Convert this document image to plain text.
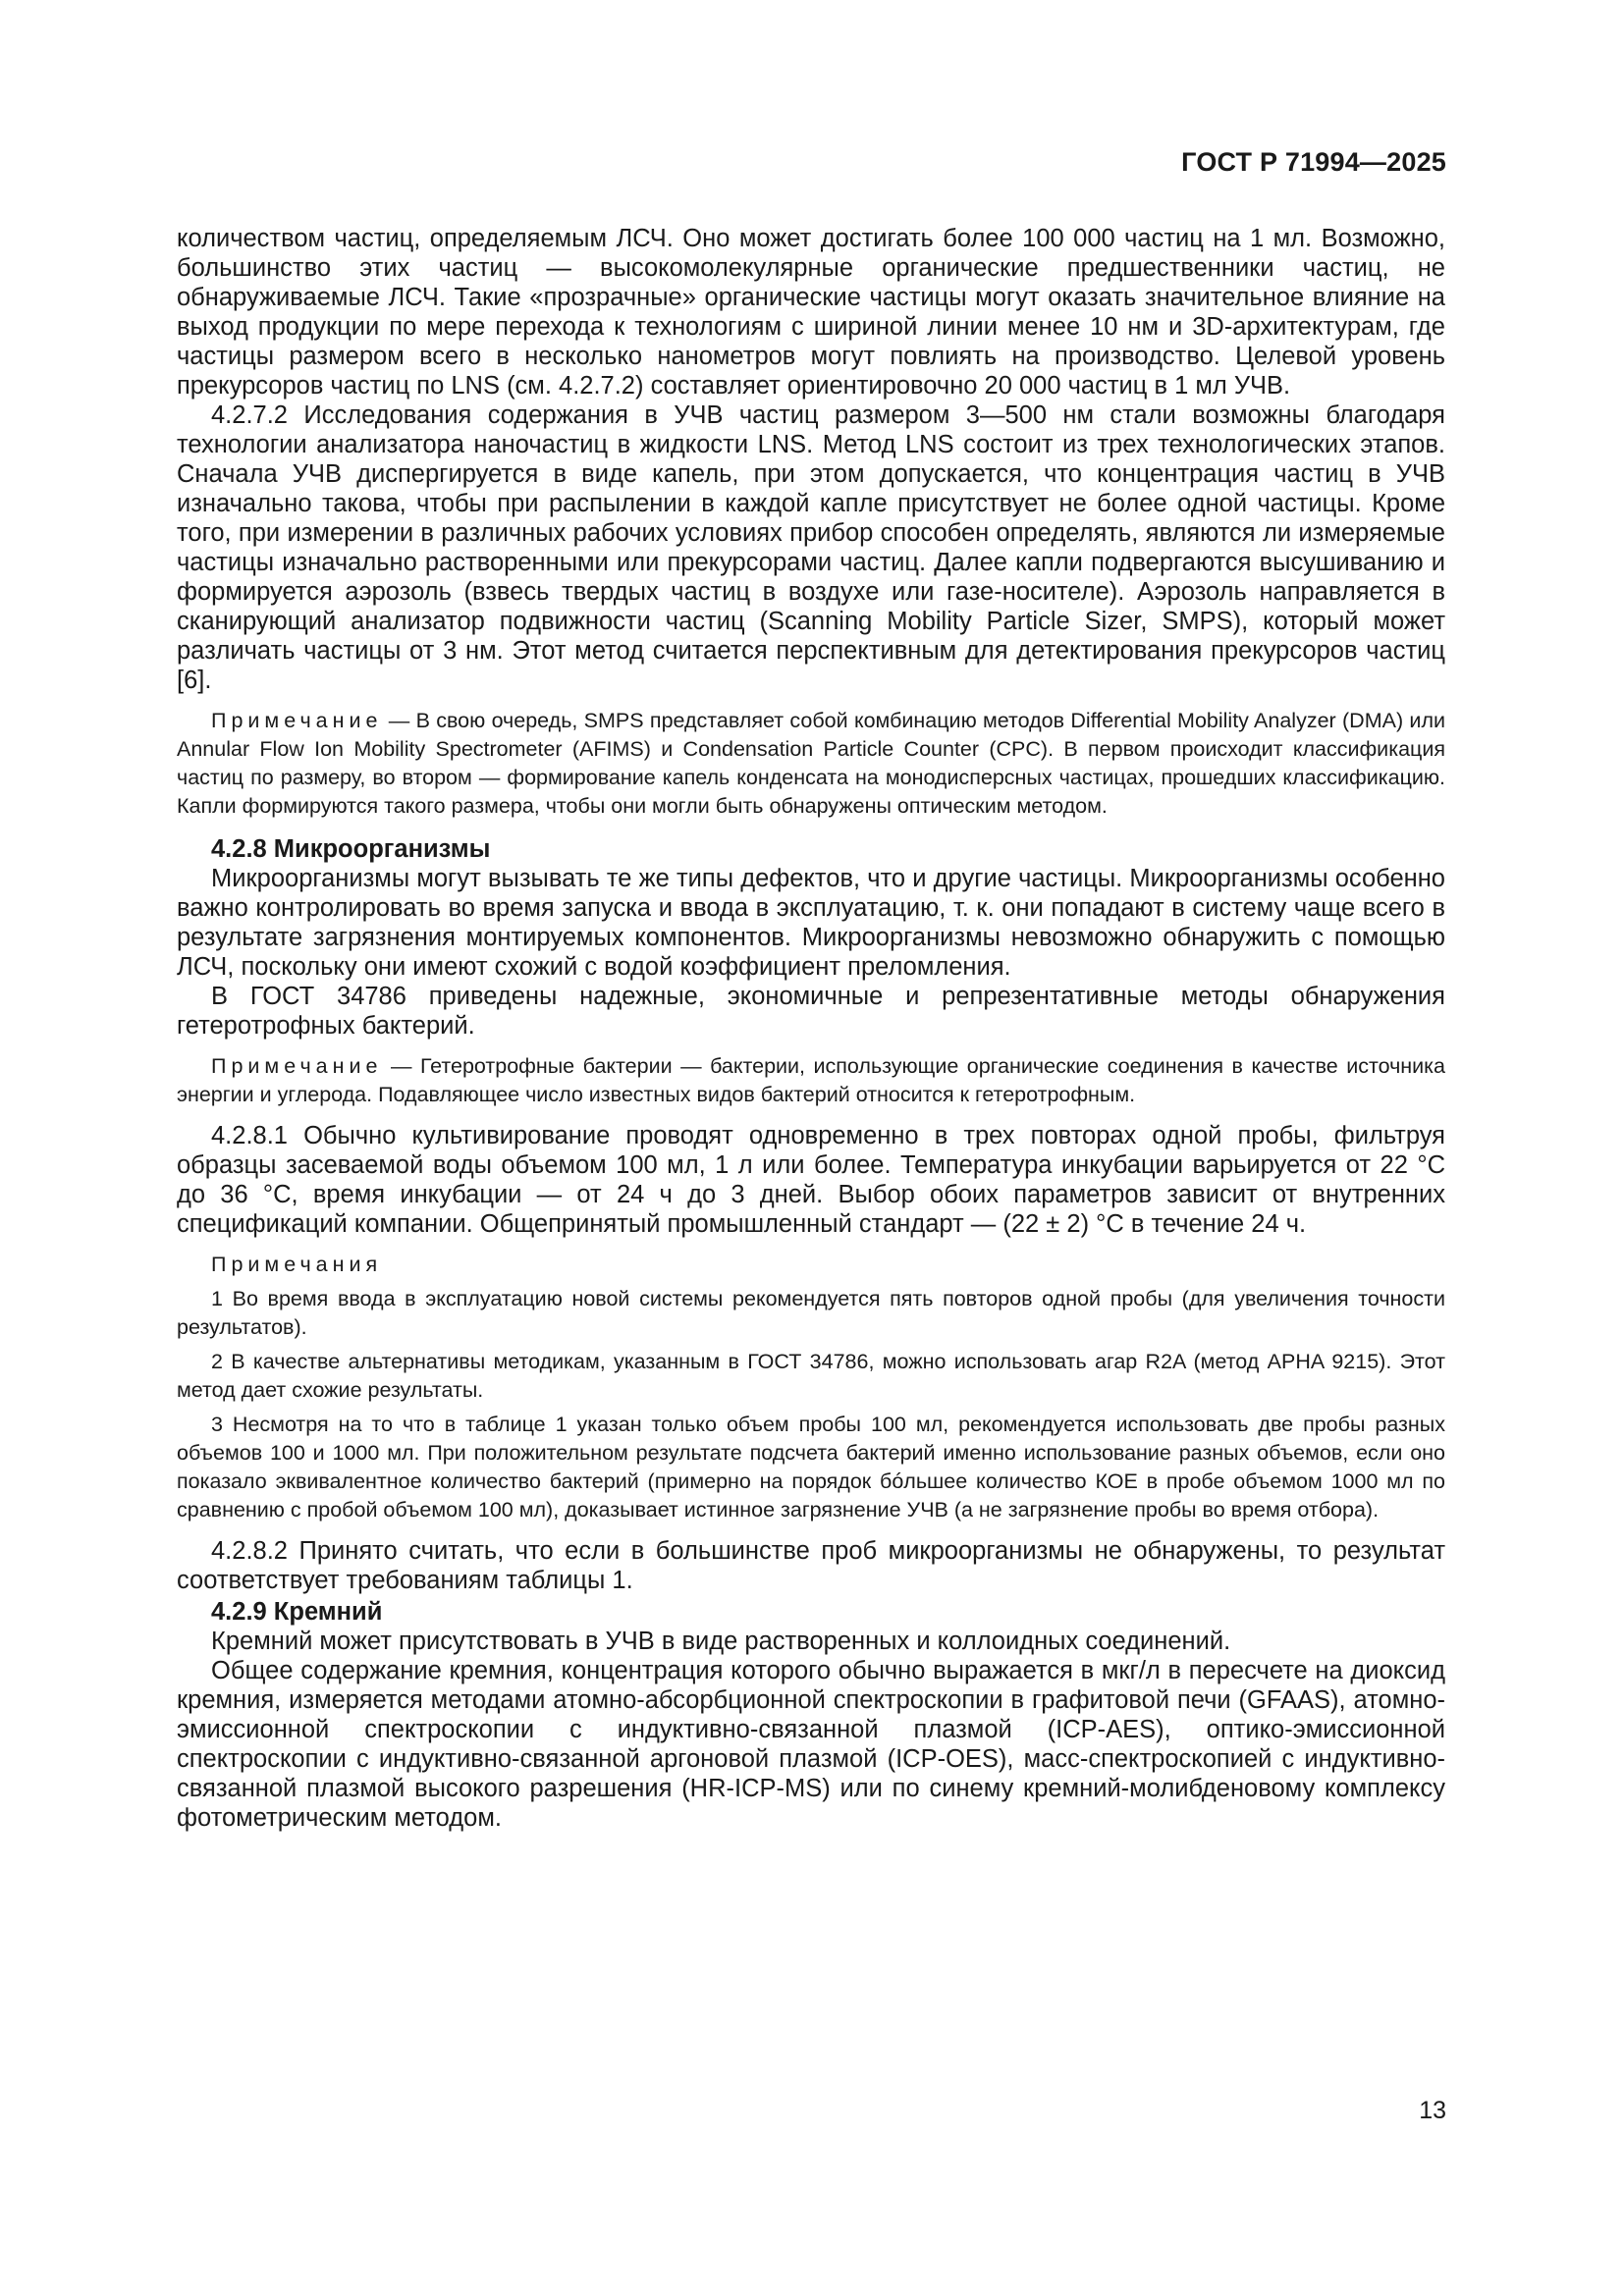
ГОСТ Р 71994—2025

количеством частиц, определяемым ЛСЧ. Оно может достигать более 100 000 частиц на 1 мл. Возможно, большинство этих частиц — высокомолекулярные органические предшественники частиц, не обнаруживаемые ЛСЧ. Такие «прозрачные» органические частицы могут оказать значительное влияние на выход продукции по мере перехода к технологиям с шириной линии менее 10 нм и 3D-архитектурам, где частицы размером всего в несколько нанометров могут повлиять на производство. Целевой уровень прекурсоров частиц по LNS (см. 4.2.7.2) составляет ориентировочно 20 000 частиц в 1 мл УЧВ.

4.2.7.2 Исследования содержания в УЧВ частиц размером 3—500 нм стали возможны благодаря технологии анализатора наночастиц в жидкости LNS. Метод LNS состоит из трех технологических этапов. Сначала УЧВ диспергируется в виде капель, при этом допускается, что концентрация частиц в УЧВ изначально такова, чтобы при распылении в каждой капле присутствует не более одной частицы. Кроме того, при измерении в различных рабочих условиях прибор способен определять, являются ли измеряемые частицы изначально растворенными или прекурсорами частиц. Далее капли подвергаются высушиванию и формируется аэрозоль (взвесь твердых частиц в воздухе или газе-носителе). Аэрозоль направляется в сканирующий анализатор подвижности частиц (Scanning Mobility Particle Sizer, SMPS), который может различать частицы от 3 нм. Этот метод считается перспективным для детектирования прекурсоров частиц [6].

Примечание — В свою очередь, SMPS представляет собой комбинацию методов Differential Mobility Analyzer (DMA) или Annular Flow Ion Mobility Spectrometer (AFIMS) и Condensation Particle Counter (CPC). В первом происходит классификация частиц по размеру, во втором — формирование капель конденсата на монодисперсных частицах, прошедших классификацию. Капли формируются такого размера, чтобы они могли быть обнаружены оптическим методом.

4.2.8 Микроорганизмы

Микроорганизмы могут вызывать те же типы дефектов, что и другие частицы. Микроорганизмы особенно важно контролировать во время запуска и ввода в эксплуатацию, т. к. они попадают в систему чаще всего в результате загрязнения монтируемых компонентов. Микроорганизмы невозможно обнаружить с помощью ЛСЧ, поскольку они имеют схожий с водой коэффициент преломления.

В ГОСТ 34786 приведены надежные, экономичные и репрезентативные методы обнаружения гетеротрофных бактерий.

Примечание — Гетеротрофные бактерии — бактерии, использующие органические соединения в качестве источника энергии и углерода. Подавляющее число известных видов бактерий относится к гетеротрофным.

4.2.8.1 Обычно культивирование проводят одновременно в трех повторах одной пробы, фильтруя образцы засеваемой воды объемом 100 мл, 1 л или более. Температура инкубации варьируется от 22 °С до 36 °С, время инкубации — от 24 ч до 3 дней. Выбор обоих параметров зависит от внутренних спецификаций компании. Общепринятый промышленный стандарт — (22 ± 2) °С в течение 24 ч.

Примечания

1 Во время ввода в эксплуатацию новой системы рекомендуется пять повторов одной пробы (для увеличения точности результатов).

2 В качестве альтернативы методикам, указанным в ГОСТ 34786, можно использовать агар R2A (метод APHA 9215). Этот метод дает схожие результаты.

3 Несмотря на то что в таблице 1 указан только объем пробы 100 мл, рекомендуется использовать две пробы разных объемов 100 и 1000 мл. При положительном результате подсчета бактерий именно использование разных объемов, если оно показало эквивалентное количество бактерий (примерно на порядок бóльшее количество КОЕ в пробе объемом 1000 мл по сравнению с пробой объемом 100 мл), доказывает истинное загрязнение УЧВ (а не загрязнение пробы во время отбора).

4.2.8.2 Принято считать, что если в большинстве проб микроорганизмы не обнаружены, то результат соответствует требованиям таблицы 1.

4.2.9 Кремний

Кремний может присутствовать в УЧВ в виде растворенных и коллоидных соединений.

Общее содержание кремния, концентрация которого обычно выражается в мкг/л в пересчете на диоксид кремния, измеряется методами атомно-абсорбционной спектроскопии в графитовой печи (GFAAS), атомно-эмиссионной спектроскопии с индуктивно-связанной плазмой (ICP-AES), оптико-эмиссионной спектроскопии с индуктивно-связанной аргоновой плазмой (ICP-OES), масс-спектроскопией с индуктивно-связанной плазмой высокого разрешения (HR-ICP-MS) или по синему кремний-молибденовому комплексу фотометрическим методом.

13
